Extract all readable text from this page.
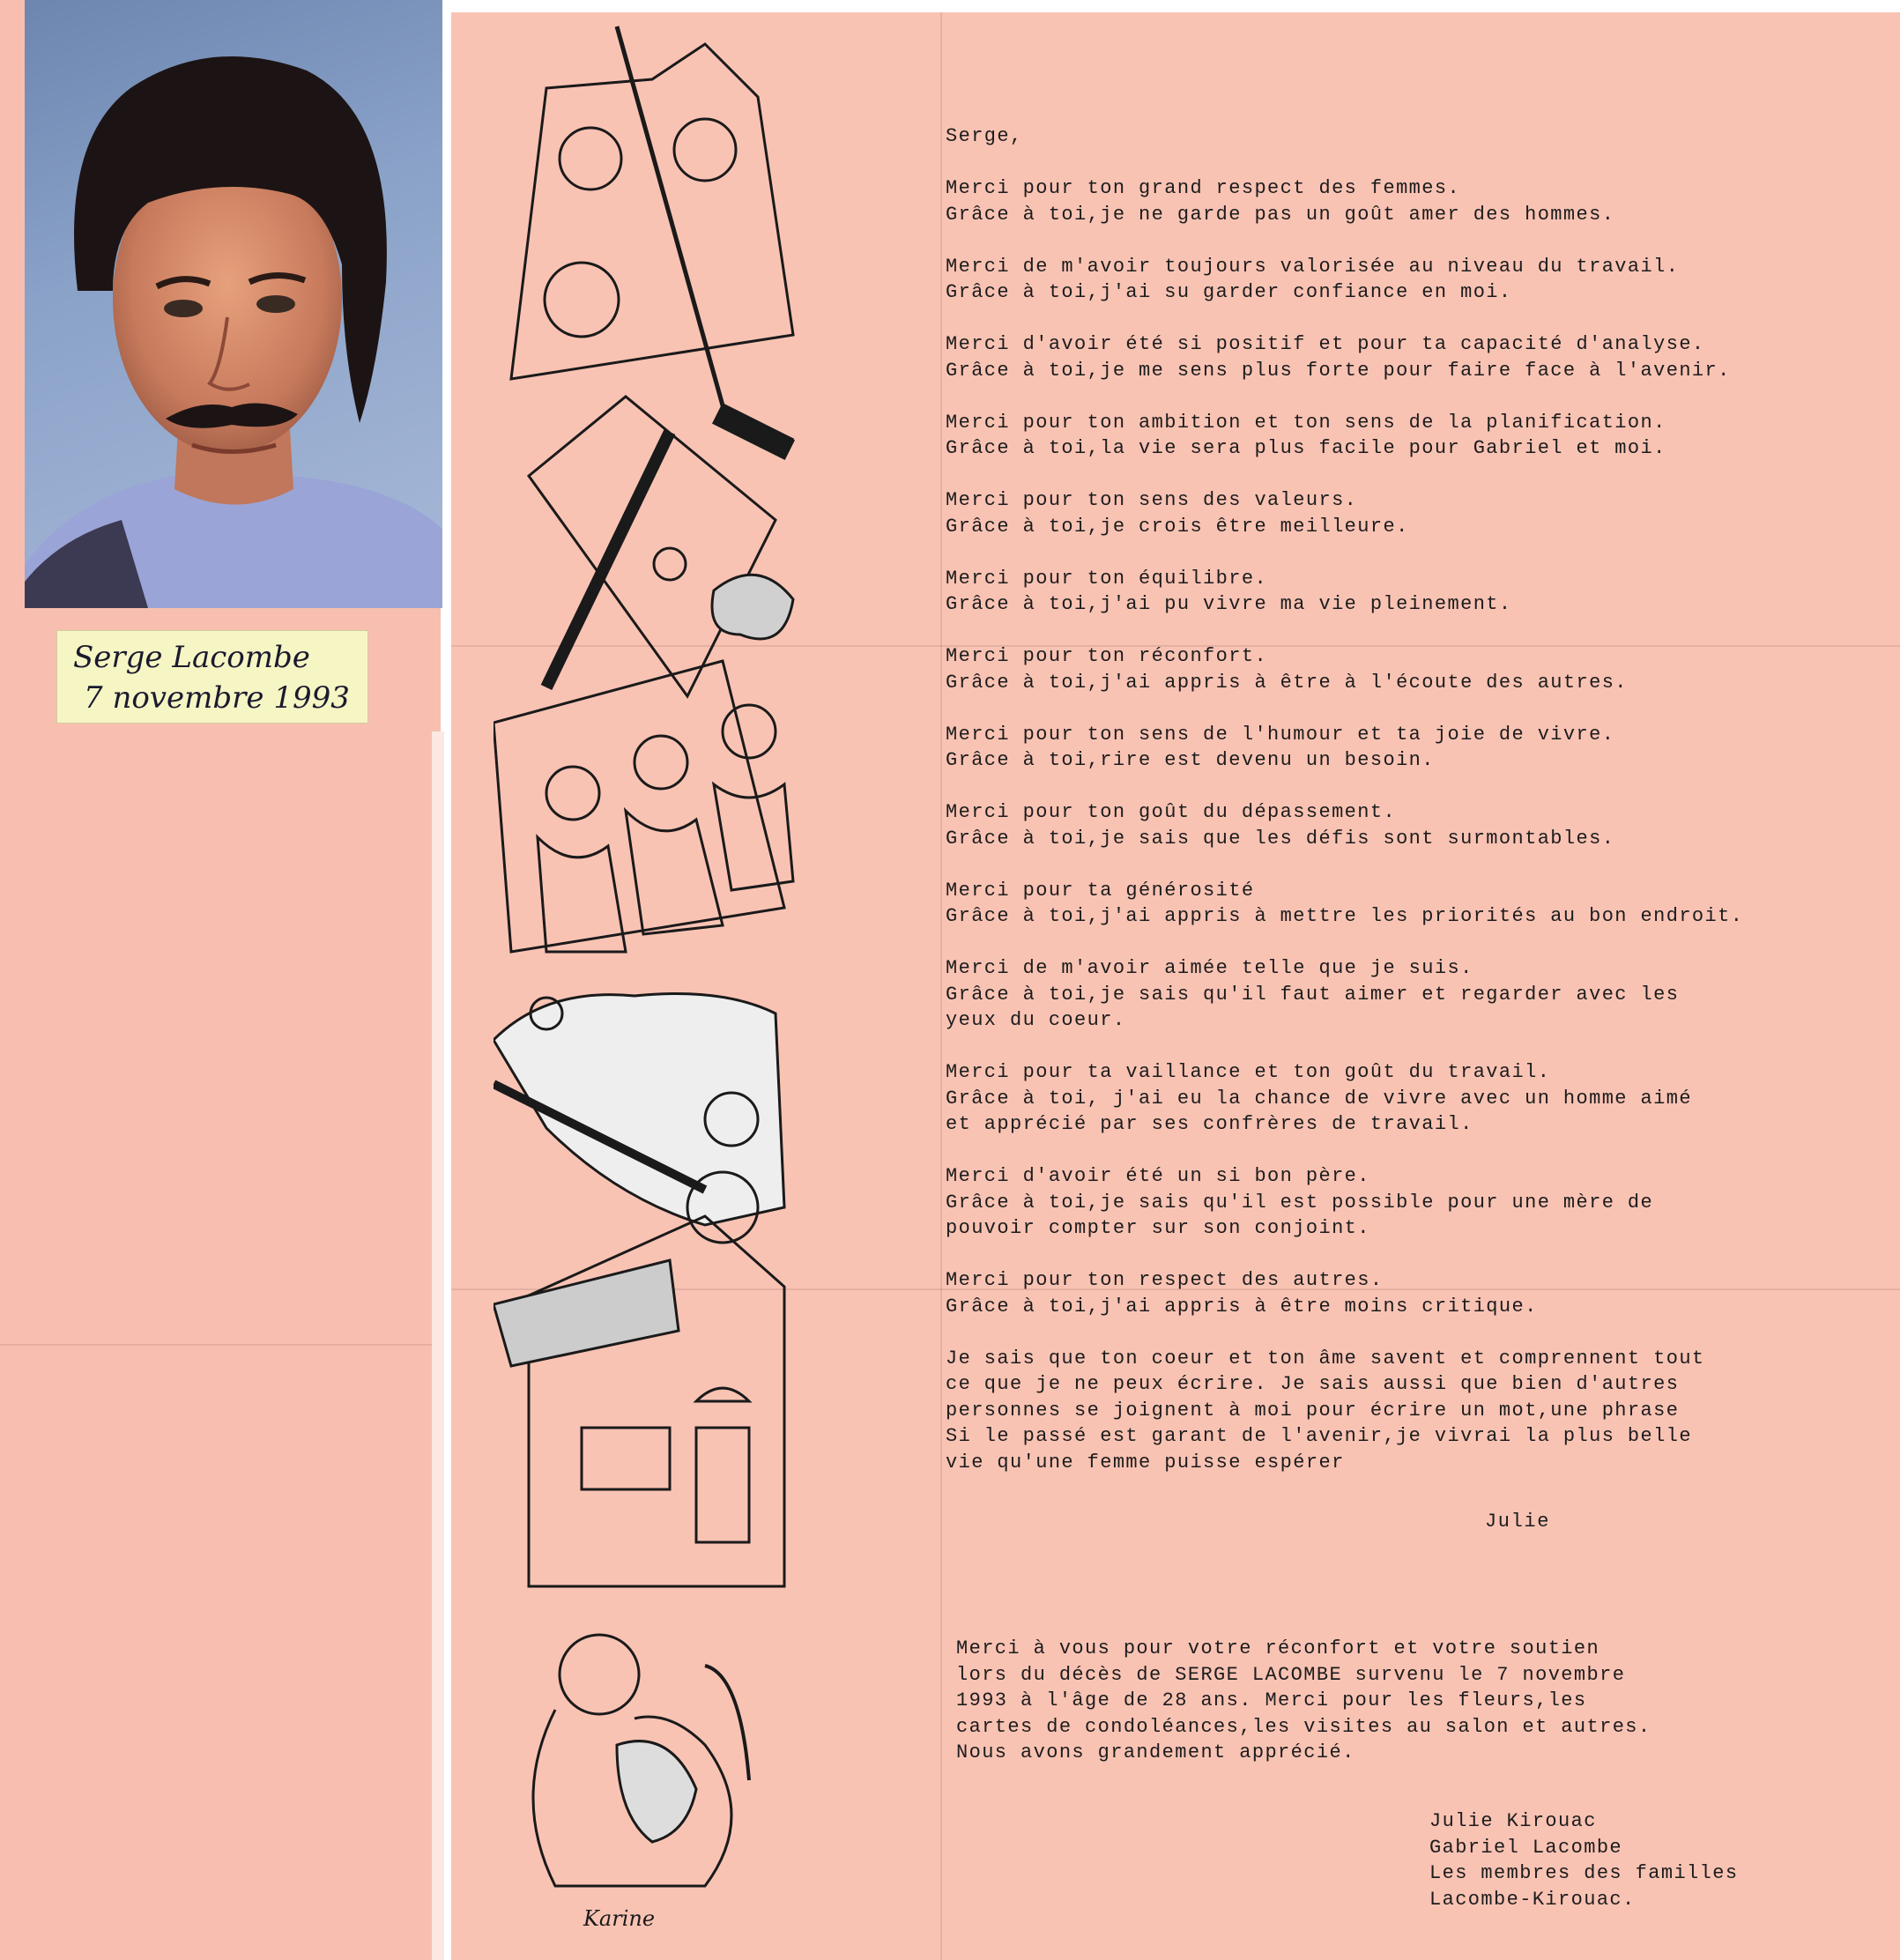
Serge Lacombe
7 novembre 1993
Karine
Serge,
Merci pour ton grand respect des femmes.
Grâce à toi,je ne garde pas un goût amer des hommes.
Merci de m'avoir toujours valorisée au niveau du travail.
Grâce à toi,j'ai su garder confiance en moi.
Merci d'avoir été si positif et pour ta capacité d'analyse.
Grâce à toi,je me sens plus forte pour faire face à l'avenir.
Merci pour ton ambition et ton sens de la planification.
Grâce à toi,la vie sera plus facile pour Gabriel et moi.
Merci pour ton sens des valeurs.
Grâce à toi,je crois être meilleure.
Merci pour ton équilibre.
Grâce à toi,j'ai pu vivre ma vie pleinement.
Merci pour ton réconfort.
Grâce à toi,j'ai appris à être à l'écoute des autres.
Merci pour ton sens de l'humour et ta joie de vivre.
Grâce à toi,rire est devenu un besoin.
Merci pour ton goût du dépassement.
Grâce à toi,je sais que les défis sont surmontables.
Merci pour ta générosité
Grâce à toi,j'ai appris à mettre les priorités au bon endroit.
Merci de m'avoir aimée telle que je suis.
Grâce à toi,je sais qu'il faut aimer et regarder avec les
yeux du coeur.
Merci pour ta vaillance et ton goût du travail.
Grâce à toi, j'ai eu la chance de vivre avec un homme aimé
et apprécié par ses confrères de travail.
Merci d'avoir été un si bon père.
Grâce à toi,je sais qu'il est possible pour une mère de
pouvoir compter sur son conjoint.
Merci pour ton respect des autres.
Grâce à toi,j'ai appris à être moins critique.
Je sais que ton coeur et ton âme savent et comprennent tout
ce que je ne peux écrire. Je sais aussi que bien d'autres
personnes se joignent à moi pour écrire un mot,une phrase
Si le passé est garant de l'avenir,je vivrai la plus belle
vie qu'une femme puisse espérer
Julie
Merci à vous pour votre réconfort et votre soutien
lors du décès de SERGE LACOMBE survenu le 7 novembre
1993 à l'âge de 28 ans. Merci pour les fleurs,les
cartes de condoléances,les visites au salon et autres.
Nous avons grandement apprécié.
Julie Kirouac
Gabriel Lacombe
Les membres des familles
Lacombe-Kirouac.
